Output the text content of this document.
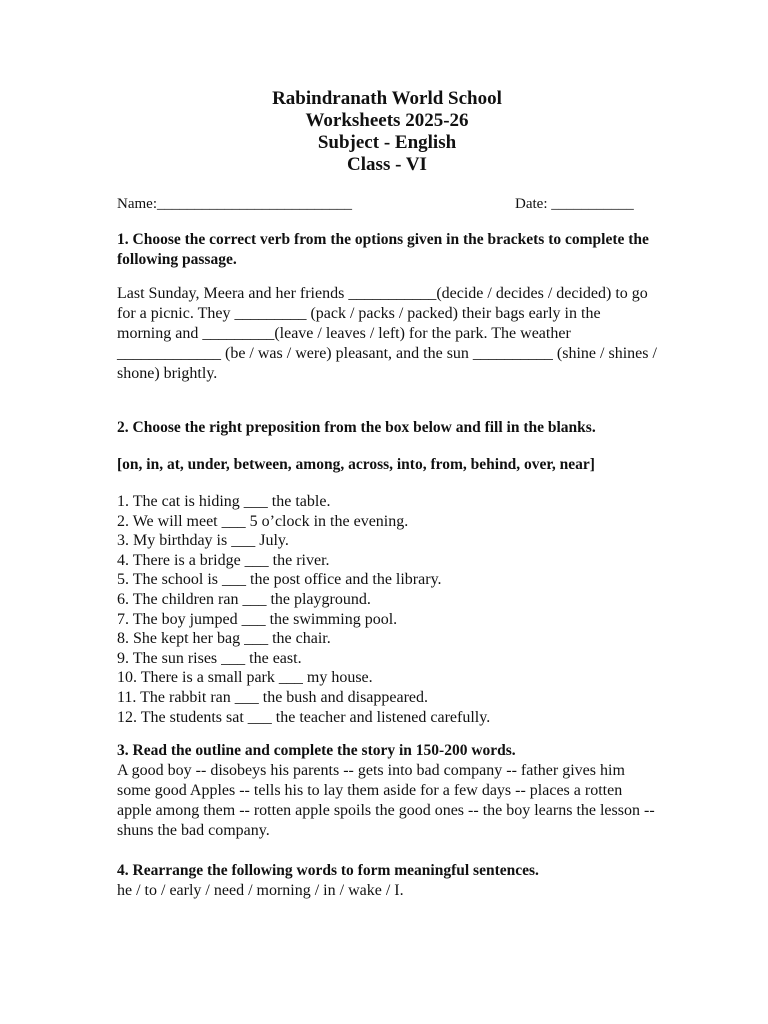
Rabindranath World School
Worksheets 2025-26
Subject - English
Class - VI
Name:__________________________	Date: ___________
1. Choose the correct verb from the options given in the brackets to complete the following passage.
Last Sunday, Meera and her friends ___________(decide / decides / decided) to go for a picnic. They _________ (pack / packs / packed) their bags early in the morning and _________(leave / leaves / left) for the park. The weather _____________ (be / was / were) pleasant, and the sun __________ (shine / shines / shone) brightly.
2. Choose the right preposition from the box below and fill in the blanks.
[on, in, at, under, between, among, across, into, from, behind, over, near]
1. The cat is hiding ___ the table.
2. We will meet ___ 5 o’clock in the evening.
3. My birthday is ___ July.
4. There is a bridge ___ the river.
5. The school is ___ the post office and the library.
6. The children ran ___ the playground.
7. The boy jumped ___ the swimming pool.
8. She kept her bag ___ the chair.
9. The sun rises ___ the east.
10. There is a small park ___ my house.
11. The rabbit ran ___ the bush and disappeared.
12. The students sat ___ the teacher and listened carefully.
3. Read the outline and complete the story in 150-200 words.
A good boy -- disobeys his parents -- gets into bad company -- father gives him some good Apples -- tells his to lay them aside for a few days -- places a rotten apple among them -- rotten apple spoils the good ones -- the boy learns the lesson -- shuns the bad company.
4. Rearrange the following words to form meaningful sentences.
he / to / early / need / morning / in / wake / I.
